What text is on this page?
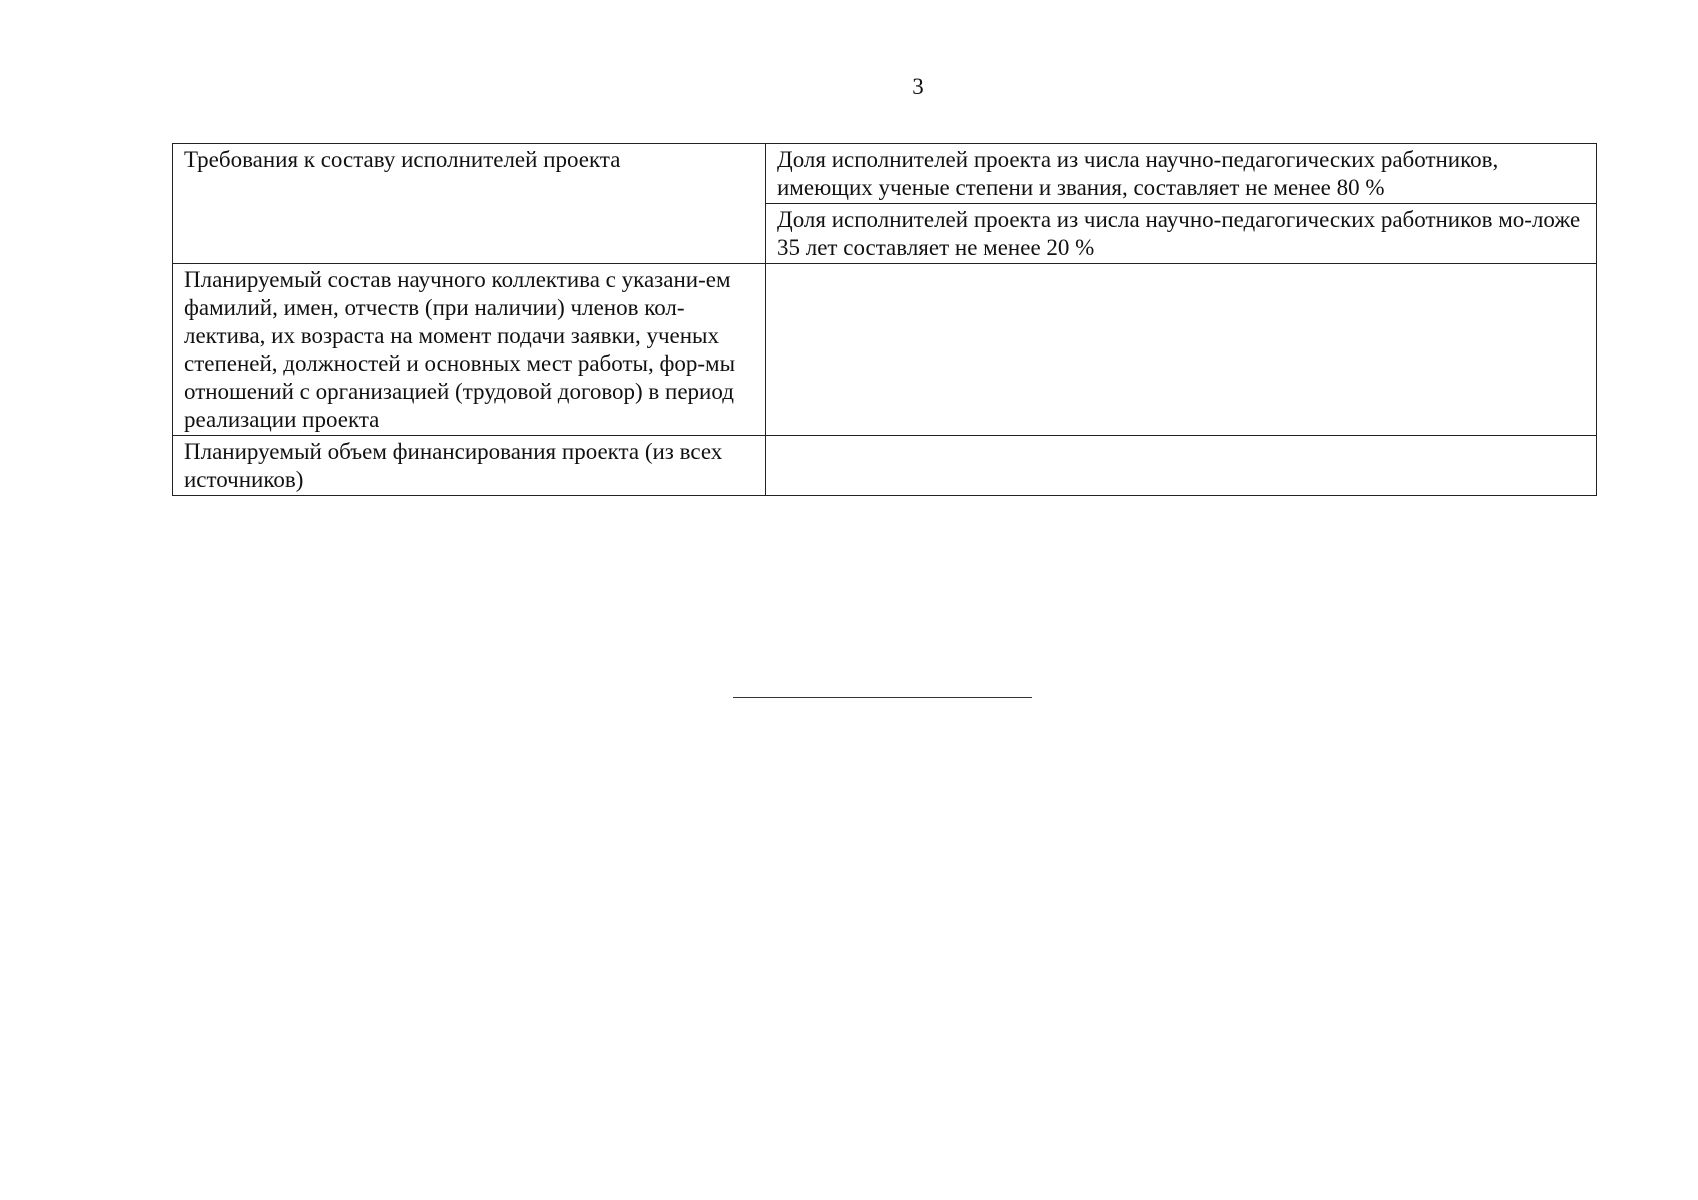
3
Требования к составу исполнителей проекта	Доля исполнителей проекта из числа научно-педагогических работников, имеющих ученые степени и звания, составляет не менее 80 %
	Доля исполнителей проекта из числа научно-педагогических работников мо-ложе 35 лет составляет не менее 20 %
Планируемый состав научного коллектива с указани-ем фамилий, имен, отчеств (при наличии) членов кол-лектива, их возраста на момент подачи заявки, ученых степеней, должностей и основных мест работы, фор-мы отношений с организацией (трудовой договор) в период реализации проекта	
Планируемый объем финансирования проекта (из всех источников)	
